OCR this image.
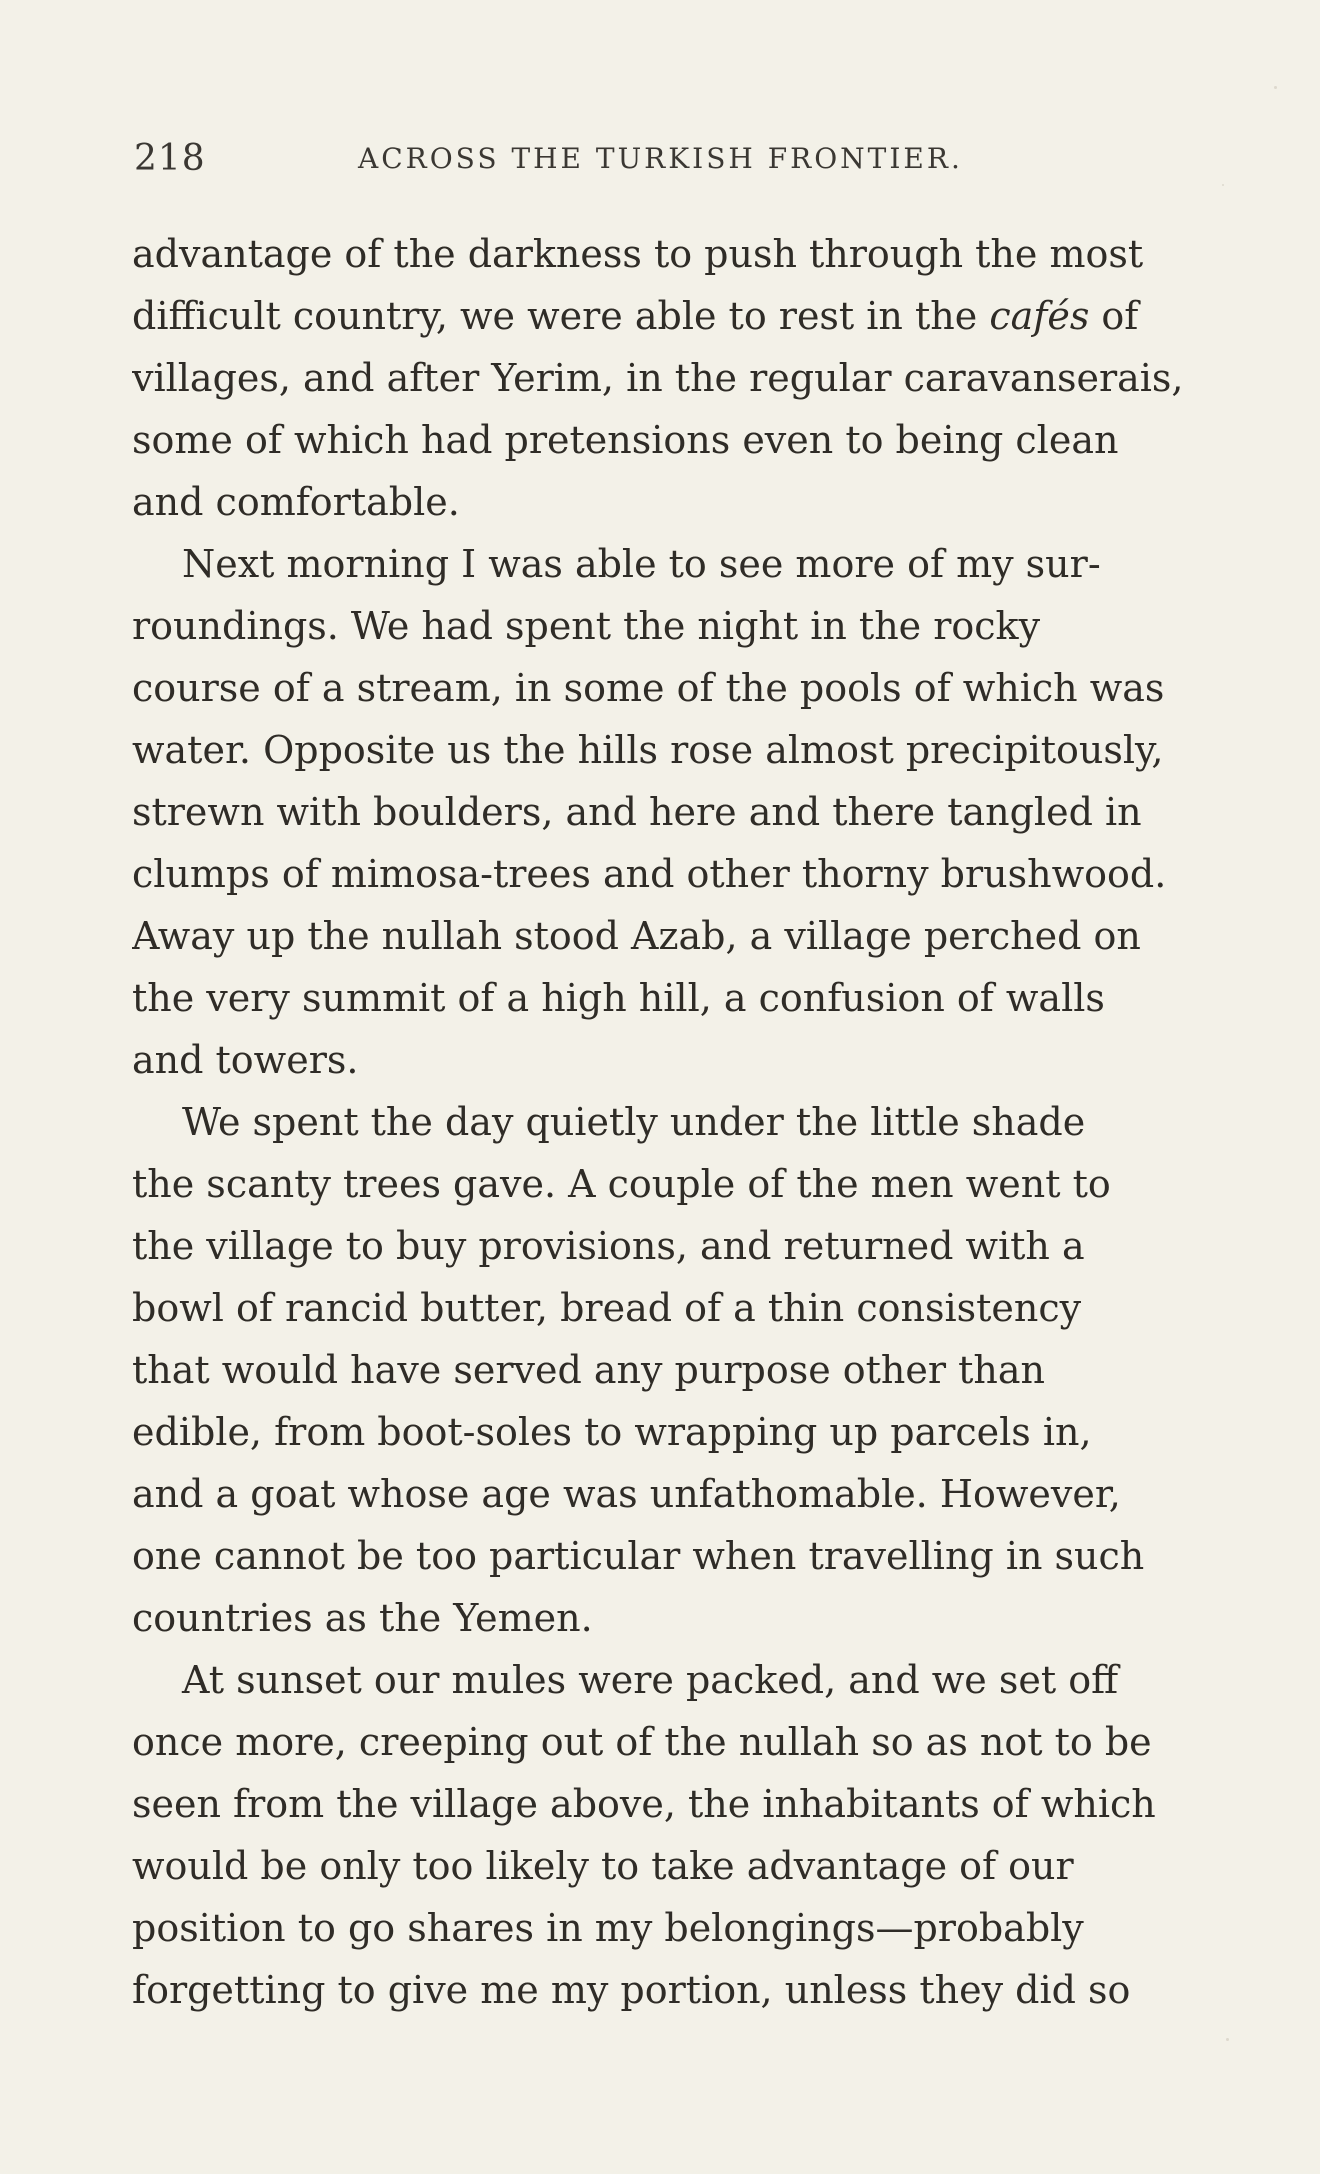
218	ACROSS THE TURKISH FRONTIER.
advantage of the darkness to push through the most
difficult country, we were able to rest in the cafés of
villages, and after Yerim, in the regular caravanserais,
some of which had pretensions even to being clean
and comfortable.
Next morning I was able to see more of my sur-
roundings. We had spent the night in the rocky
course of a stream, in some of the pools of which was
water. Opposite us the hills rose almost precipitously,
strewn with boulders, and here and there tangled in
clumps of mimosa-trees and other thorny brushwood.
Away up the nullah stood Azab, a village perched on
the very summit of a high hill, a confusion of walls
and towers.
We spent the day quietly under the little shade
the scanty trees gave. A couple of the men went to
the village to buy provisions, and returned with a
bowl of rancid butter, bread of a thin consistency
that would have served any purpose other than
edible, from boot-soles to wrapping up parcels in,
and a goat whose age was unfathomable. However,
one cannot be too particular when travelling in such
countries as the Yemen.
At sunset our mules were packed, and we set off
once more, creeping out of the nullah so as not to be
seen from the village above, the inhabitants of which
would be only too likely to take advantage of our
position to go shares in my belongings—probably
forgetting to give me my portion, unless they did so
